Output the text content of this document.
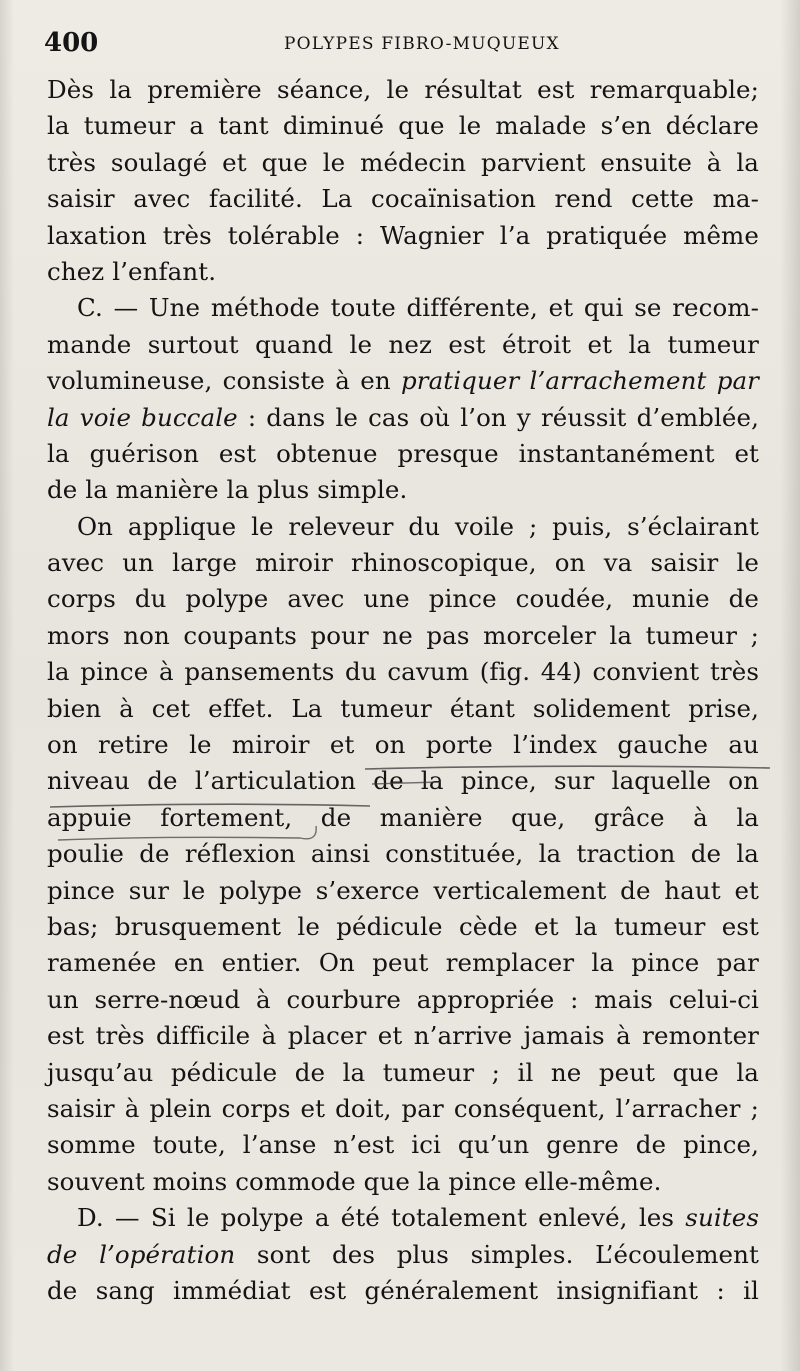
400	POLYPES FIBRO-MUQUEUX
Dès la première séance, le résultat est remarquable;
la tumeur a tant diminué que le malade s’en déclare
très soulagé et que le médecin parvient ensuite à la
saisir avec facilité. La cocaïnisation rend cette ma-
laxation très tolérable : Wagnier l’a pratiquée même
chez l’enfant.
C. — Une méthode toute différente, et qui se recom-
mande surtout quand le nez est étroit et la tumeur
volumineuse, consiste à en pratiquer l’arrachement par
la voie buccale : dans le cas où l’on y réussit d’emblée,
la guérison est obtenue presque instantanément et
de la manière la plus simple.
On applique le releveur du voile ; puis, s’éclairant
avec un large miroir rhinoscopique, on va saisir le
corps du polype avec une pince coudée, munie de
mors non coupants pour ne pas morceler la tumeur ;
la pince à pansements du cavum (fig. 44) convient très
bien à cet effet. La tumeur étant solidement prise,
on retire le miroir et on porte l’index gauche au
niveau de l’articulation de la pince, sur laquelle on
appuie fortement, de manière que, grâce à la
poulie de réflexion ainsi constituée, la traction de la
pince sur le polype s’exerce verticalement de haut et
bas; brusquement le pédicule cède et la tumeur est
ramenée en entier. On peut remplacer la pince par
un serre-nœud à courbure appropriée : mais celui-ci
est très difficile à placer et n’arrive jamais à remonter
jusqu’au pédicule de la tumeur ; il ne peut que la
saisir à plein corps et doit, par conséquent, l’arracher ;
somme toute, l’anse n’est ici qu’un genre de pince,
souvent moins commode que la pince elle-même.
D. — Si le polype a été totalement enlevé, les suites
de l’opération sont des plus simples. L’écoulement
de sang immédiat est généralement insignifiant : il
